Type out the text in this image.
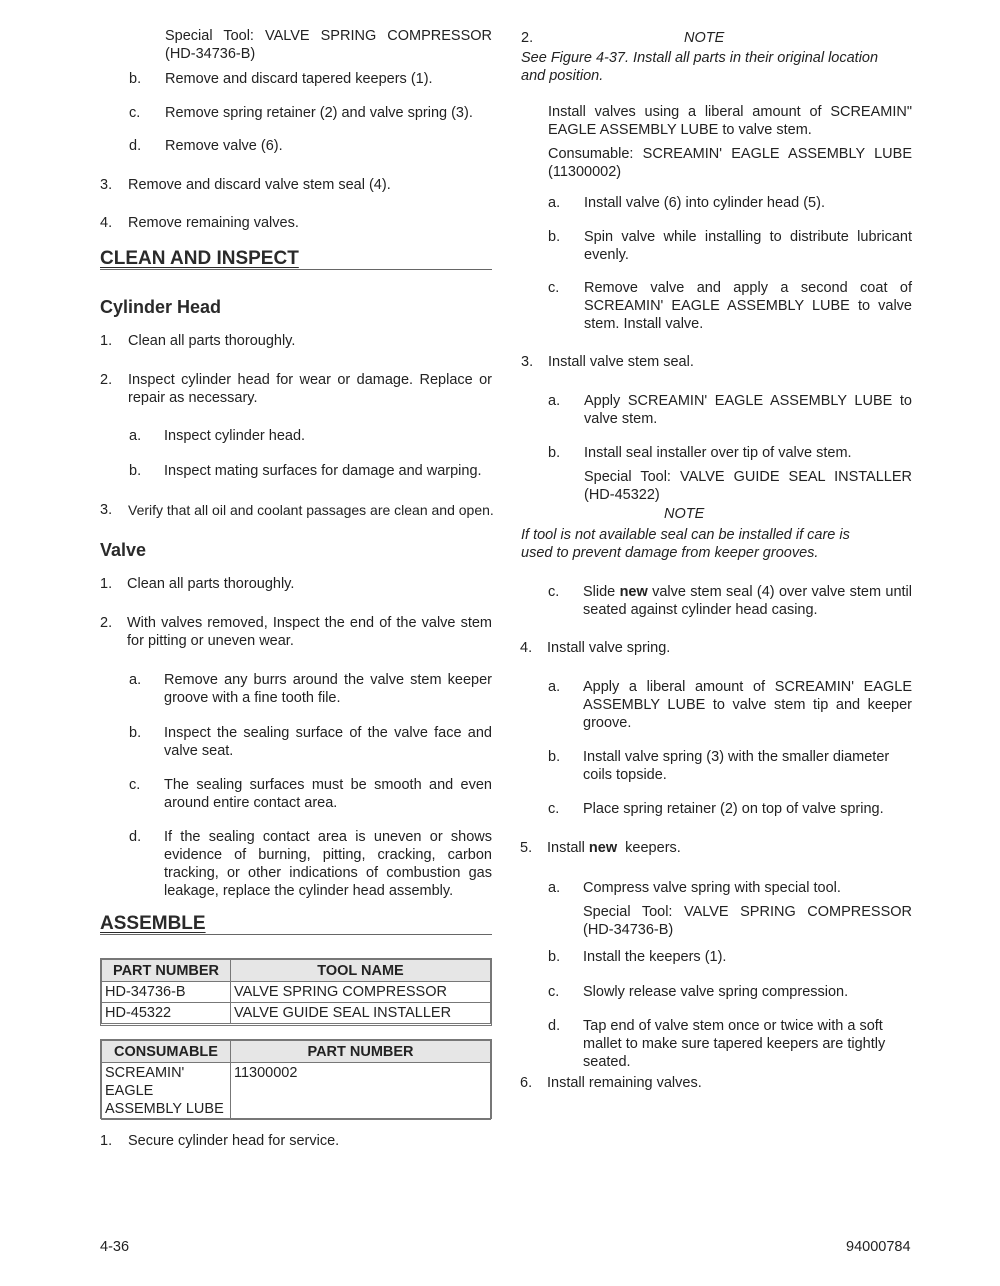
Special Tool: VALVE SPRING COMPRESSOR (HD-34736-B)
b. Remove and discard tapered keepers (1).
c. Remove spring retainer (2) and valve spring (3).
d. Remove valve (6).
3.	Remove and discard valve stem seal (4).
4.	Remove remaining valves.
CLEAN AND INSPECT
Cylinder Head
1.	Clean all parts thoroughly.
2.	Inspect cylinder head for wear or damage. Replace or repair as necessary.
a. Inspect cylinder head.
b. Inspect mating surfaces for damage and warping.
3.	Verify that all oil and coolant passages are clean and open.
Valve
1.	Clean all parts thoroughly.
2.	With valves removed, Inspect the end of the valve stem for pitting or uneven wear.
a. Remove any burrs around the valve stem keeper groove with a fine tooth file.
b. Inspect the sealing surface of the valve face and valve seat.
c. The sealing surfaces must be smooth and even around entire contact area.
d. If the sealing contact area is uneven or shows evidence of burning, pitting, cracking, carbon tracking, or other indications of combustion gas leakage, replace the cylinder head assembly.
ASSEMBLE
PART NUMBER	TOOL NAME
HD-34736-B	VALVE SPRING COMPRESSOR
HD-45322	VALVE GUIDE SEAL INSTALLER
CONSUMABLE	PART NUMBER
SCREAMIN' EAGLE ASSEMBLY LUBE	11300002
1.	Secure cylinder head for service.
2.	NOTE
See Figure 4-37. Install all parts in their original location and position.
Install valves using a liberal amount of SCREAMIN" EAGLE ASSEMBLY LUBE to valve stem.
Consumable: SCREAMIN' EAGLE ASSEMBLY LUBE (11300002)
a. Install valve (6) into cylinder head (5).
b. Spin valve while installing to distribute lubricant evenly.
c. Remove valve and apply a second coat of SCREAMIN' EAGLE ASSEMBLY LUBE to valve stem. Install valve.
3.	Install valve stem seal.
a. Apply SCREAMIN' EAGLE ASSEMBLY LUBE to valve stem.
b. Install seal installer over tip of valve stem.
Special Tool: VALVE GUIDE SEAL INSTALLER (HD-45322)
NOTE
If tool is not available seal can be installed if care is used to prevent damage from keeper grooves.
c. Slide new valve stem seal (4) over valve stem until seated against cylinder head casing.
4.	Install valve spring.
a. Apply a liberal amount of SCREAMIN' EAGLE ASSEMBLY LUBE to valve stem tip and keeper groove.
b. Install valve spring (3) with the smaller diameter coils topside.
c. Place spring retainer (2) on top of valve spring.
5.	Install new  keepers.
a. Compress valve spring with special tool.
Special Tool: VALVE SPRING COMPRESSOR (HD-34736-B)
b. Install the keepers (1).
c. Slowly release valve spring compression.
d. Tap end of valve stem once or twice with a soft mallet to make sure tapered keepers are tightly seated.
6.	Install remaining valves.
4-36	94000784
